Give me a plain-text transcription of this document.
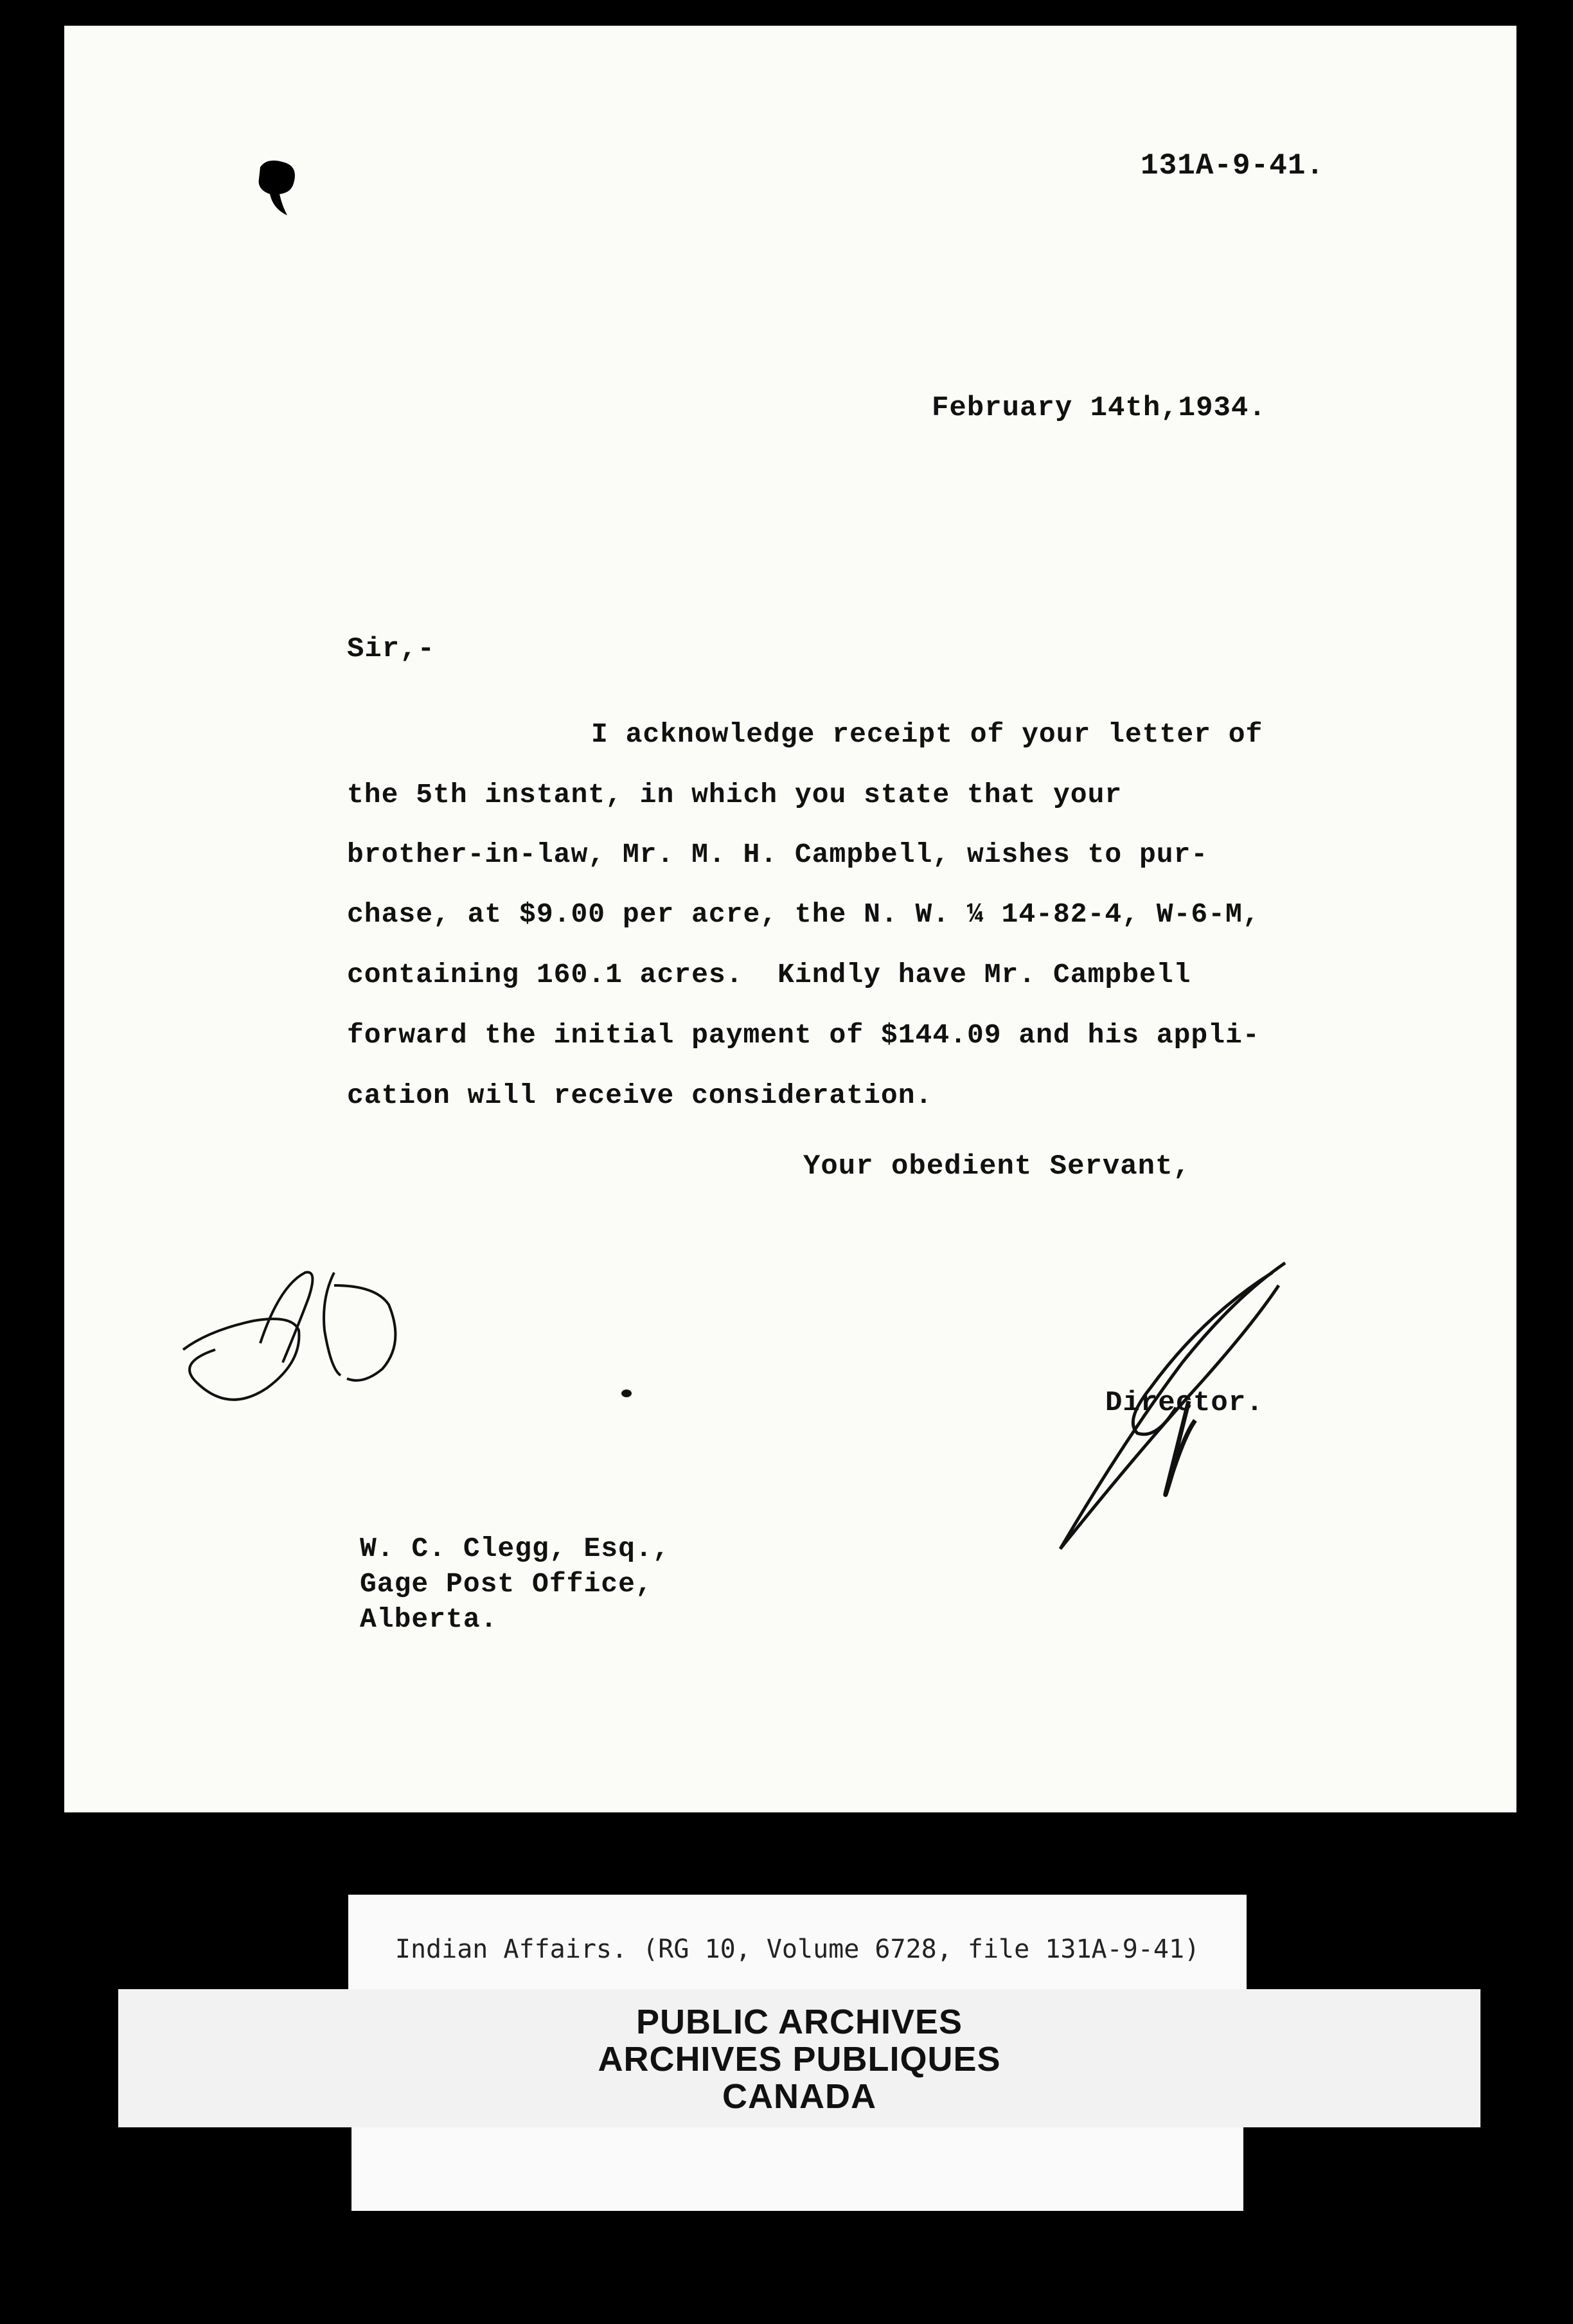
131A-9-41.
February 14th,1934.
Sir,-
I acknowledge receipt of your letter of
the 5th instant, in which you state that your
brother-in-law, Mr. M. H. Campbell, wishes to pur-
chase, at $9.00 per acre, the N. W. ¼ 14-82-4, W-6-M,
containing 160.1 acres.  Kindly have Mr. Campbell
forward the initial payment of $144.09 and his appli-
cation will receive consideration.
Your obedient Servant,
Director.
W. C. Clegg, Esq.,
Gage Post Office,
Alberta.
Indian Affairs. (RG 10, Volume 6728, file 131A-9-41)
PUBLIC ARCHIVES
ARCHIVES PUBLIQUES
CANADA
